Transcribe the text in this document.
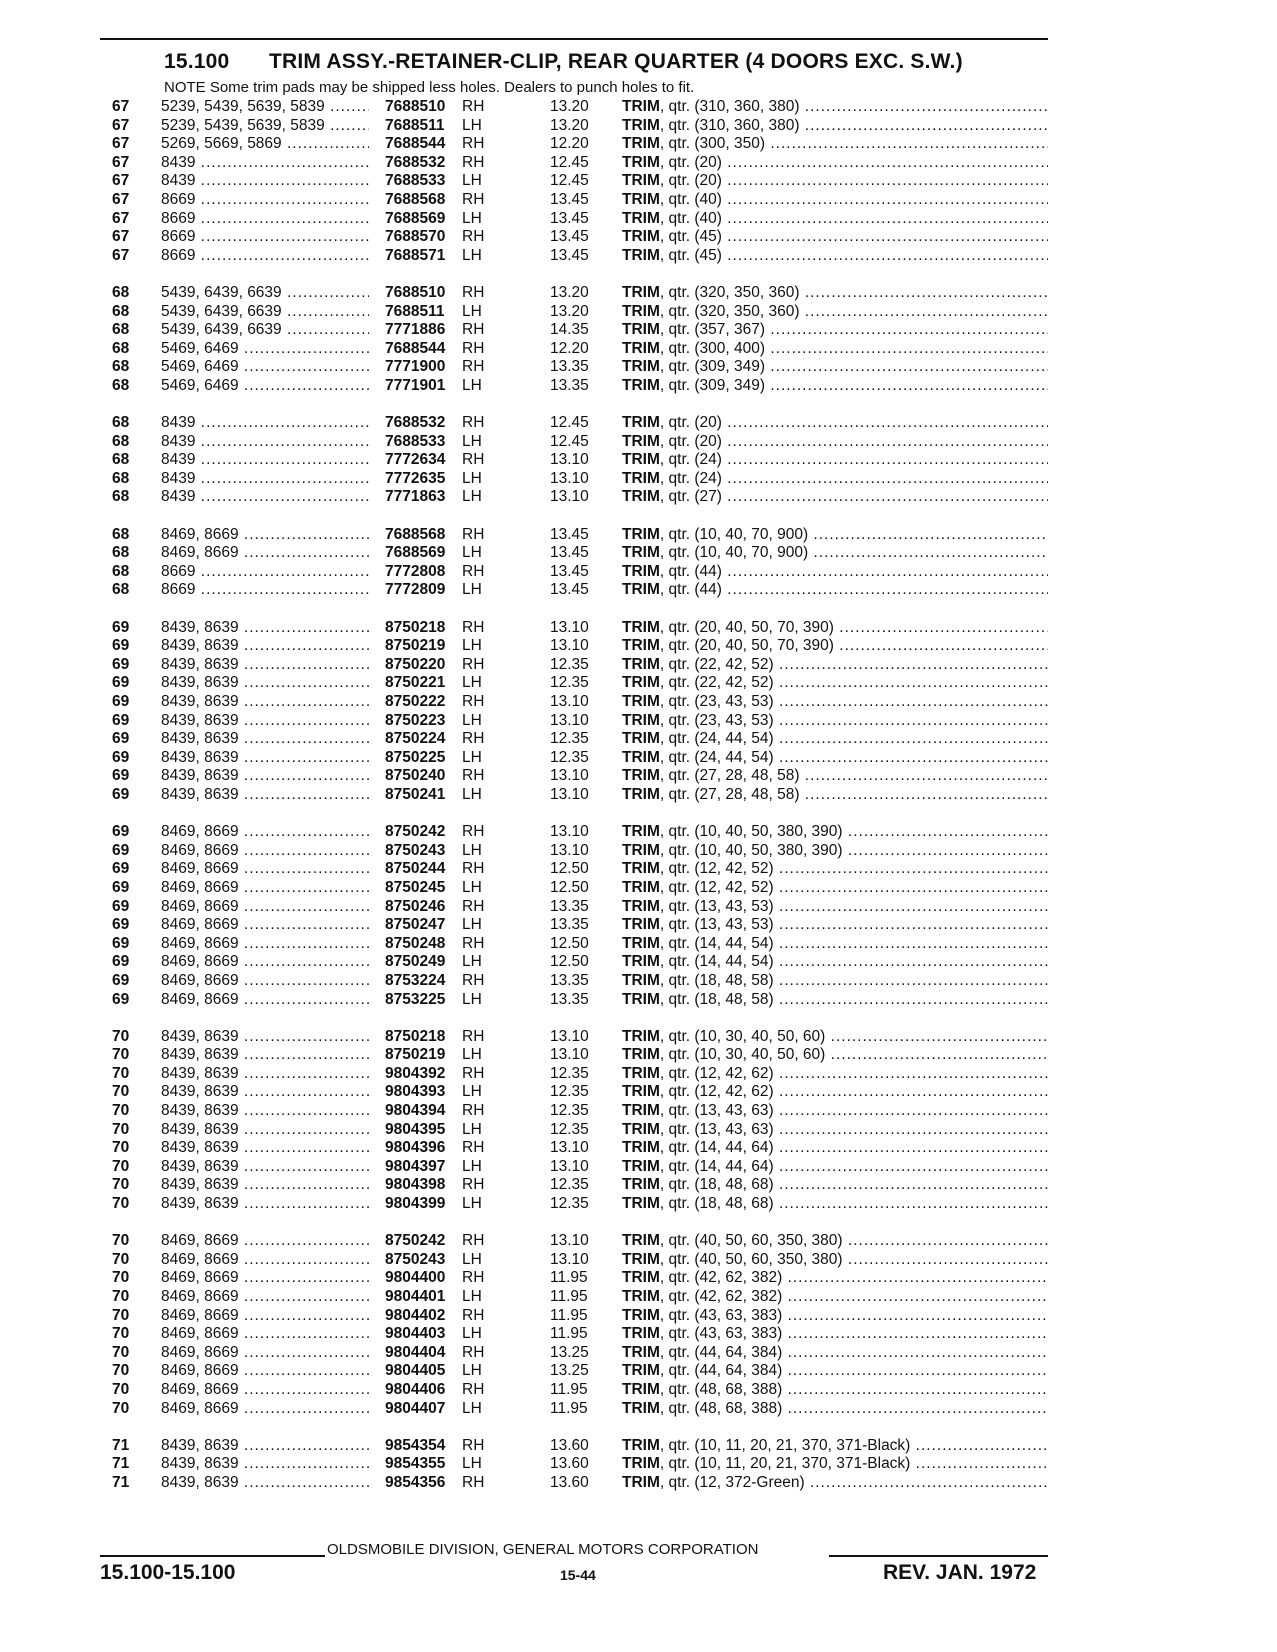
15.100 TRIM ASSY.-RETAINER-CLIP, REAR QUARTER (4 DOORS EXC. S.W.)
NOTE Some trim pads may be shipped less holes. Dealers to punch holes to fit.
67 5239, 5439, 5639, 5839 .....	7688510 RH	13.20 TRIM, qtr. (310, 360, 380) .....
67 5239, 5439, 5639, 5839 .....	7688511 LH	13.20 TRIM, qtr. (310, 360, 380) .....
67 5269, 5669, 5869 .....	7688544 RH	12.20 TRIM, qtr. (300, 350) .....
67 8439 .....	7688532 RH	12.45 TRIM, qtr. (20) .....
67 8439 .....	7688533 LH	12.45 TRIM, qtr. (20) .....
67 8669 .....	7688568 RH	13.45 TRIM, qtr. (40) .....
67 8669 .....	7688569 LH	13.45 TRIM, qtr. (40) .....
67 8669 .....	7688570 RH	13.45 TRIM, qtr. (45) .....
67 8669 .....	7688571 LH	13.45 TRIM, qtr. (45) .....
68 5439, 6439, 6639 .....	7688510 RH	13.20 TRIM, qtr. (320, 350, 360) .....
68 5439, 6439, 6639 .....	7688511 LH	13.20 TRIM, qtr. (320, 350, 360) .....
68 5439, 6439, 6639 .....	7771886 RH	14.35 TRIM, qtr. (357, 367) .....
68 5469, 6469 .....	7688544 RH	12.20 TRIM, qtr. (300, 400) .....
68 5469, 6469 .....	7771900 RH	13.35 TRIM, qtr. (309, 349) .....
68 5469, 6469 .....	7771901 LH	13.35 TRIM, qtr. (309, 349) .....
68 8439 .....	7688532 RH	12.45 TRIM, qtr. (20) .....
68 8439 .....	7688533 LH	12.45 TRIM, qtr. (20) .....
68 8439 .....	7772634 RH	13.10 TRIM, qtr. (24) .....
68 8439 .....	7772635 LH	13.10 TRIM, qtr. (24) .....
68 8439 .....	7771863 LH	13.10 TRIM, qtr. (27) .....
68 8469, 8669 .....	7688568 RH	13.45 TRIM, qtr. (10, 40, 70, 900) .....
68 8469, 8669 .....	7688569 LH	13.45 TRIM, qtr. (10, 40, 70, 900) .....
68 8669 .....	7772808 RH	13.45 TRIM, qtr. (44) .....
68 8669 .....	7772809 LH	13.45 TRIM, qtr. (44) .....
69 8439, 8639 .....	8750218 RH	13.10 TRIM, qtr. (20, 40, 50, 70, 390) .....
69 8439, 8639 .....	8750219 LH	13.10 TRIM, qtr. (20, 40, 50, 70, 390) .....
69 8439, 8639 .....	8750220 RH	12.35 TRIM, qtr. (22, 42, 52) .....
69 8439, 8639 .....	8750221 LH	12.35 TRIM, qtr. (22, 42, 52) .....
69 8439, 8639 .....	8750222 RH	13.10 TRIM, qtr. (23, 43, 53) .....
69 8439, 8639 .....	8750223 LH	13.10 TRIM, qtr. (23, 43, 53) .....
69 8439, 8639 .....	8750224 RH	12.35 TRIM, qtr. (24, 44, 54) .....
69 8439, 8639 .....	8750225 LH	12.35 TRIM, qtr. (24, 44, 54) .....
69 8439, 8639 .....	8750240 RH	13.10 TRIM, qtr. (27, 28, 48, 58) .....
69 8439, 8639 .....	8750241 LH	13.10 TRIM, qtr. (27, 28, 48, 58) .....
69 8469, 8669 .....	8750242 RH	13.10 TRIM, qtr. (10, 40, 50, 380, 390) .....
69 8469, 8669 .....	8750243 LH	13.10 TRIM, qtr. (10, 40, 50, 380, 390) .....
69 8469, 8669 .....	8750244 RH	12.50 TRIM, qtr. (12, 42, 52) .....
69 8469, 8669 .....	8750245 LH	12.50 TRIM, qtr. (12, 42, 52) .....
69 8469, 8669 .....	8750246 RH	13.35 TRIM, qtr. (13, 43, 53) .....
69 8469, 8669 .....	8750247 LH	13.35 TRIM, qtr. (13, 43, 53) .....
69 8469, 8669 .....	8750248 RH	12.50 TRIM, qtr. (14, 44, 54) .....
69 8469, 8669 .....	8750249 LH	12.50 TRIM, qtr. (14, 44, 54) .....
69 8469, 8669 .....	8753224 RH	13.35 TRIM, qtr. (18, 48, 58) .....
69 8469, 8669 .....	8753225 LH	13.35 TRIM, qtr. (18, 48, 58) .....
70 8439, 8639 .....	8750218 RH	13.10 TRIM, qtr. (10, 30, 40, 50, 60) .....
70 8439, 8639 .....	8750219 LH	13.10 TRIM, qtr. (10, 30, 40, 50, 60) .....
70 8439, 8639 .....	9804392 RH	12.35 TRIM, qtr. (12, 42, 62) .....
70 8439, 8639 .....	9804393 LH	12.35 TRIM, qtr. (12, 42, 62) .....
70 8439, 8639 .....	9804394 RH	12.35 TRIM, qtr. (13, 43, 63) .....
70 8439, 8639 .....	9804395 LH	12.35 TRIM, qtr. (13, 43, 63) .....
70 8439, 8639 .....	9804396 RH	13.10 TRIM, qtr. (14, 44, 64) .....
70 8439, 8639 .....	9804397 LH	13.10 TRIM, qtr. (14, 44, 64) .....
70 8439, 8639 .....	9804398 RH	12.35 TRIM, qtr. (18, 48, 68) .....
70 8439, 8639 .....	9804399 LH	12.35 TRIM, qtr. (18, 48, 68) .....
70 8469, 8669 .....	8750242 RH	13.10 TRIM, qtr. (40, 50, 60, 350, 380) .....
70 8469, 8669 .....	8750243 LH	13.10 TRIM, qtr. (40, 50, 60, 350, 380) .....
70 8469, 8669 .....	9804400 RH	11.95 TRIM, qtr. (42, 62, 382) .....
70 8469, 8669 .....	9804401 LH	11.95 TRIM, qtr. (42, 62, 382) .....
70 8469, 8669 .....	9804402 RH	11.95 TRIM, qtr. (43, 63, 383) .....
70 8469, 8669 .....	9804403 LH	11.95 TRIM, qtr. (43, 63, 383) .....
70 8469, 8669 .....	9804404 RH	13.25 TRIM, qtr. (44, 64, 384) .....
70 8469, 8669 .....	9804405 LH	13.25 TRIM, qtr. (44, 64, 384) .....
70 8469, 8669 .....	9804406 RH	11.95 TRIM, qtr. (48, 68, 388) .....
70 8469, 8669 .....	9804407 LH	11.95 TRIM, qtr. (48, 68, 388) .....
71 8439, 8639 .....	9854354 RH	13.60 TRIM, qtr. (10, 11, 20, 21, 370, 371-Black) .....
71 8439, 8639 .....	9854355 LH	13.60 TRIM, qtr. (10, 11, 20, 21, 370, 371-Black) .....
71 8439, 8639 .....	9854356 RH	13.60 TRIM, qtr. (12, 372-Green) .....
OLDSMOBILE DIVISION, GENERAL MOTORS CORPORATION
15.100-15.100	15-44	REV. JAN. 1972
